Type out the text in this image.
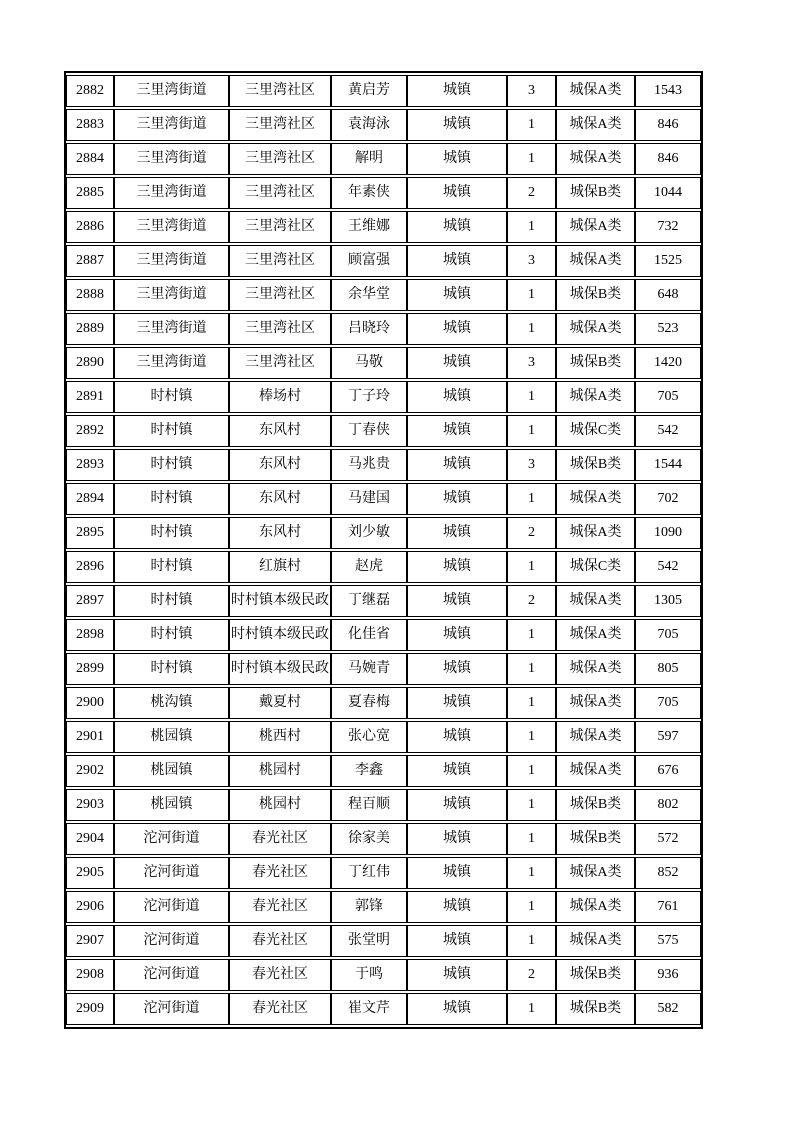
2882	三里湾街道	三里湾社区	黄启芳	城镇	3	城保A类	1543
2883	三里湾街道	三里湾社区	袁海泳	城镇	1	城保A类	846
2884	三里湾街道	三里湾社区	解明	城镇	1	城保A类	846
2885	三里湾街道	三里湾社区	年素侠	城镇	2	城保B类	1044
2886	三里湾街道	三里湾社区	王维娜	城镇	1	城保A类	732
2887	三里湾街道	三里湾社区	顾富强	城镇	3	城保A类	1525
2888	三里湾街道	三里湾社区	余华堂	城镇	1	城保B类	648
2889	三里湾街道	三里湾社区	吕晓玲	城镇	1	城保A类	523
2890	三里湾街道	三里湾社区	马敬	城镇	3	城保B类	1420
2891	时村镇	棒场村	丁子玲	城镇	1	城保A类	705
2892	时村镇	东风村	丁春侠	城镇	1	城保C类	542
2893	时村镇	东风村	马兆贵	城镇	3	城保B类	1544
2894	时村镇	东风村	马建国	城镇	1	城保A类	702
2895	时村镇	东风村	刘少敏	城镇	2	城保A类	1090
2896	时村镇	红旗村	赵虎	城镇	1	城保C类	542
2897	时村镇	时村镇本级民政	丁继磊	城镇	2	城保A类	1305
2898	时村镇	时村镇本级民政	化佳省	城镇	1	城保A类	705
2899	时村镇	时村镇本级民政	马婉青	城镇	1	城保A类	805
2900	桃沟镇	戴夏村	夏春梅	城镇	1	城保A类	705
2901	桃园镇	桃西村	张心宽	城镇	1	城保A类	597
2902	桃园镇	桃园村	李鑫	城镇	1	城保A类	676
2903	桃园镇	桃园村	程百顺	城镇	1	城保B类	802
2904	沱河街道	春光社区	徐家美	城镇	1	城保B类	572
2905	沱河街道	春光社区	丁红伟	城镇	1	城保A类	852
2906	沱河街道	春光社区	郭锋	城镇	1	城保A类	761
2907	沱河街道	春光社区	张堂明	城镇	1	城保A类	575
2908	沱河街道	春光社区	于鸣	城镇	2	城保B类	936
2909	沱河街道	春光社区	崔文芹	城镇	1	城保B类	582
